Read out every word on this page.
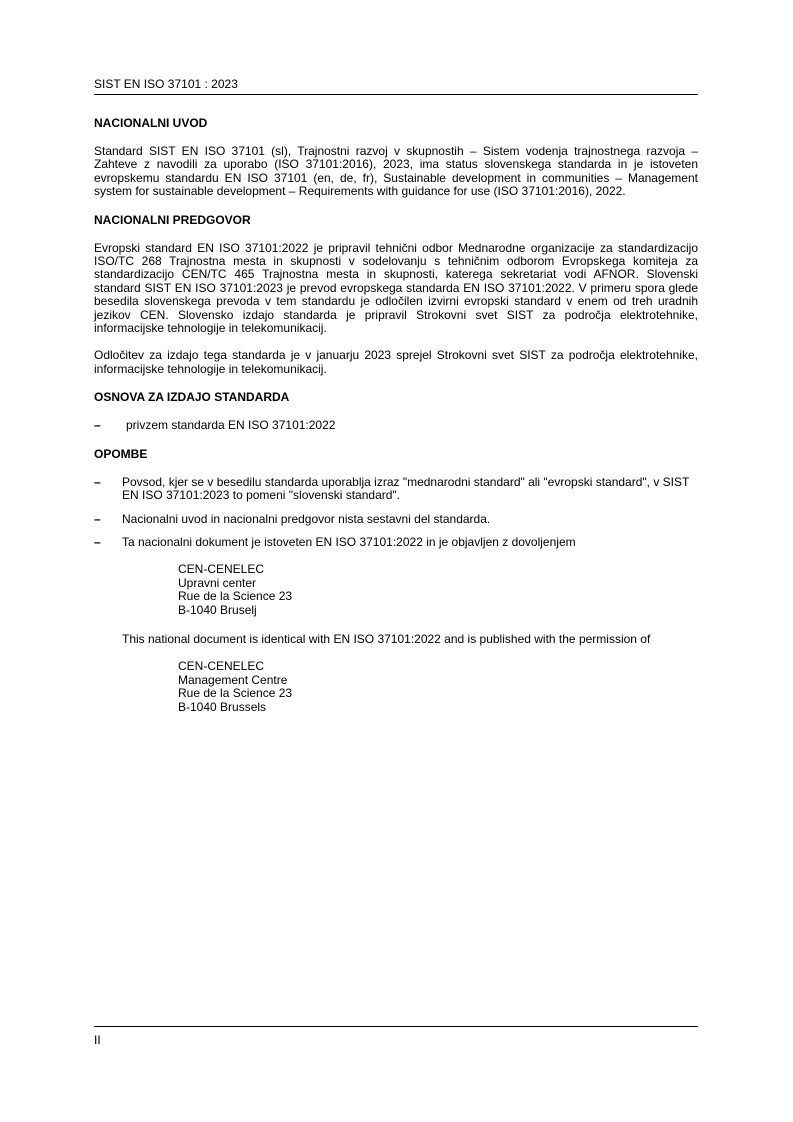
SIST EN ISO 37101 : 2023
NACIONALNI UVOD

Standard SIST EN ISO 37101 (sl), Trajnostni razvoj v skupnostih – Sistem vodenja trajnostnega razvoja – Zahteve z navodili za uporabo (ISO 37101:2016), 2023, ima status slovenskega standarda in je istoveten evropskemu standardu EN ISO 37101 (en, de, fr), Sustainable development in communities – Management system for sustainable development – Requirements with guidance for use (ISO 37101:2016), 2022.

NACIONALNI PREDGOVOR

Evropski standard EN ISO 37101:2022 je pripravil tehnični odbor Mednarodne organizacije za standardizacijo ISO/TC 268 Trajnostna mesta in skupnosti v sodelovanju s tehničnim odborom Evropskega komiteja za standardizacijo CEN/TC 465 Trajnostna mesta in skupnosti, katerega sekretariat vodi AFNOR. Slovenski standard SIST EN ISO 37101:2023 je prevod evropskega standarda EN ISO 37101:2022. V primeru spora glede besedila slovenskega prevoda v tem standardu je odločilen izvirni evropski standard v enem od treh uradnih jezikov CEN. Slovensko izdajo standarda je pripravil Strokovni svet SIST za področja elektrotehnike, informacijske tehnologije in telekomunikacij.

Odločitev za izdajo tega standarda je v januarju 2023 sprejel Strokovni svet SIST za področja elektrotehnike, informacijske tehnologije in telekomunikacij.

OSNOVA ZA IZDAJO STANDARDA
–	privzem standarda EN ISO 37101:2022
OPOMBE
–	Povsod, kjer se v besedilu standarda uporablja izraz "mednarodni standard" ali "evropski standard", v SIST EN ISO 37101:2023 to pomeni "slovenski standard".
–	Nacionalni uvod in nacionalni predgovor nista sestavni del standarda.
–	Ta nacionalni dokument je istoveten EN ISO 37101:2022 in je objavljen z dovoljenjem
CEN-CENELEC
Upravni center
Rue de la Science 23
B-1040 Bruselj

This national document is identical with EN ISO 37101:2022 and is published with the permission of

CEN-CENELEC
Management Centre
Rue de la Science 23
B-1040 Brussels
II
